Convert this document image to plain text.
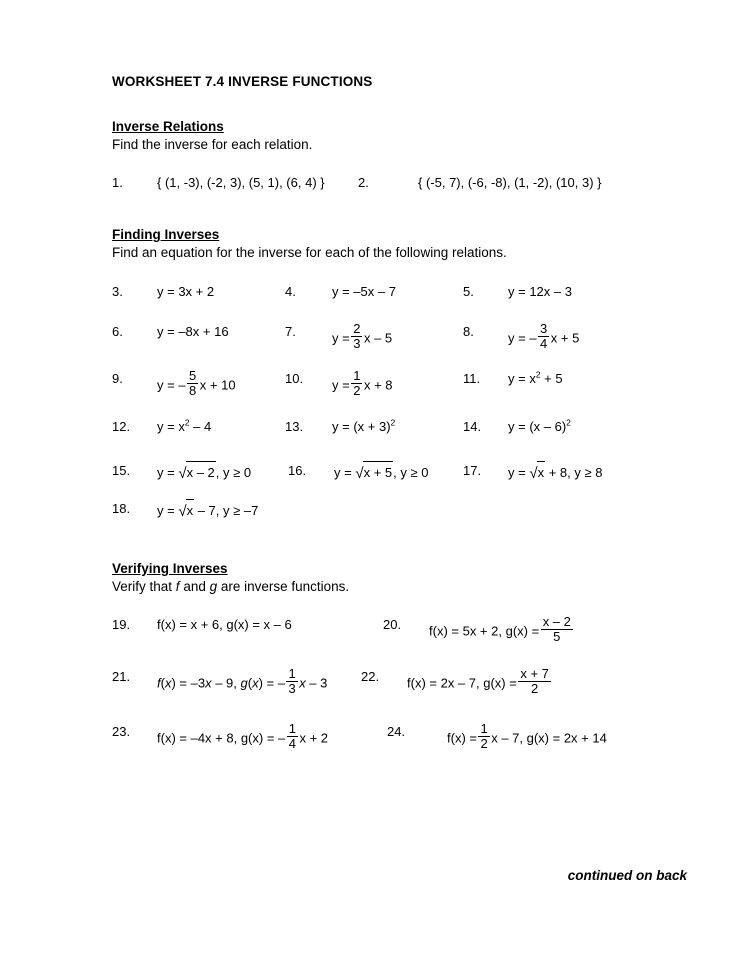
WORKSHEET 7.4 INVERSE FUNCTIONS

Inverse Relations

Find the inverse for each relation.

1.	{ (1, -3), (-2, 3), (5, 1), (6, 4) }	2.	{ (-5, 7), (-6, -8), (1, -2), (10, 3) }

Finding Inverses

Find an equation for the inverse for each of the following relations.

3.	y = 3x + 2	4.	y = –5x – 7	5.	y = 12x – 3
6.	y = –8x + 16	7.	$y = \frac{2}{3}$ x – 5	8.	y = – $\frac{3}{4}$ x + 5
9.	y = – $\frac{5}{8}$ x + 10	10. $y = \frac{1}{2}$ x + 8	11. $y = x^2 + 5$
12. $y = x^2 - 4$	13. $y = (x + 3)^2$	14. y = (x – 6)$^2$
15. y = √x – 2, y ≥ 0	16. y = √x + 5, y ≥ 0	17. y = √x + 8, y ≥ 8
18. y = √x – 7, y ≥ –7

Verifying Inverses

Verify that f and g are inverse functions.

19. f(x) = x + 6, g(x) = x – 6	20. f(x) = 5x + 2, $g(x) = \frac{x - 2}{5}$
21. f(x) = –3x – 9, g(x) = – $\frac{1}{3}$ x – 3	22. f(x) = 2x – 7, $g(x) = \frac{x + 7}{2}$
23. f(x) = –4x + 8, g(x) = – $\frac{1}{4}$ x + 2	24.	$f(x) = \frac{1}{2}$ x – 7, g(x) = 2x + 14
continued on back
